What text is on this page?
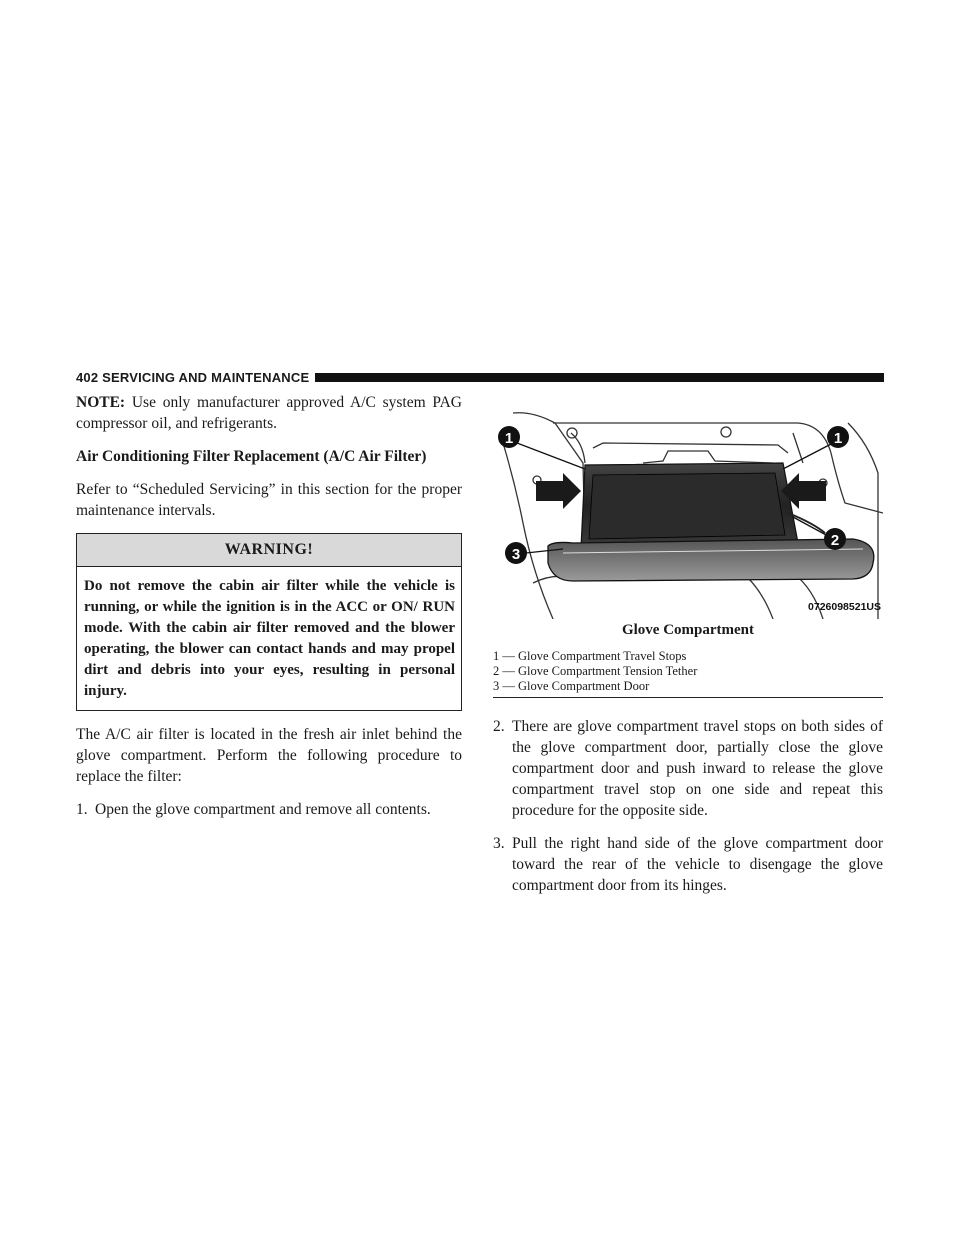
402 SERVICING AND MAINTENANCE

NOTE: Use only manufacturer approved A/C system PAG compressor oil, and refrigerants.

Air Conditioning Filter Replacement (A/C Air Filter)

Refer to “Scheduled Servicing” in this section for the proper maintenance intervals.

WARNING!
Do not remove the cabin air filter while the vehicle is running, or while the ignition is in the ACC or ON/ RUN mode. With the cabin air filter removed and the blower operating, the blower can contact hands and may propel dirt and debris into your eyes, resulting in personal injury.

The A/C air filter is located in the fresh air inlet behind the glove compartment. Perform the following procedure to replace the filter:

1. Open the glove compartment and remove all contents.
1	1
2
3
0726098521US
Glove Compartment
1 — Glove Compartment Travel Stops
2 — Glove Compartment Tension Tether
3 — Glove Compartment Door
2. There are glove compartment travel stops on both sides of the glove compartment door, partially close the glove compartment door and push inward to release the glove compartment travel stop on one side and repeat this procedure for the opposite side.
3. Pull the right hand side of the glove compartment door toward the rear of the vehicle to disengage the glove compartment door from its hinges.
